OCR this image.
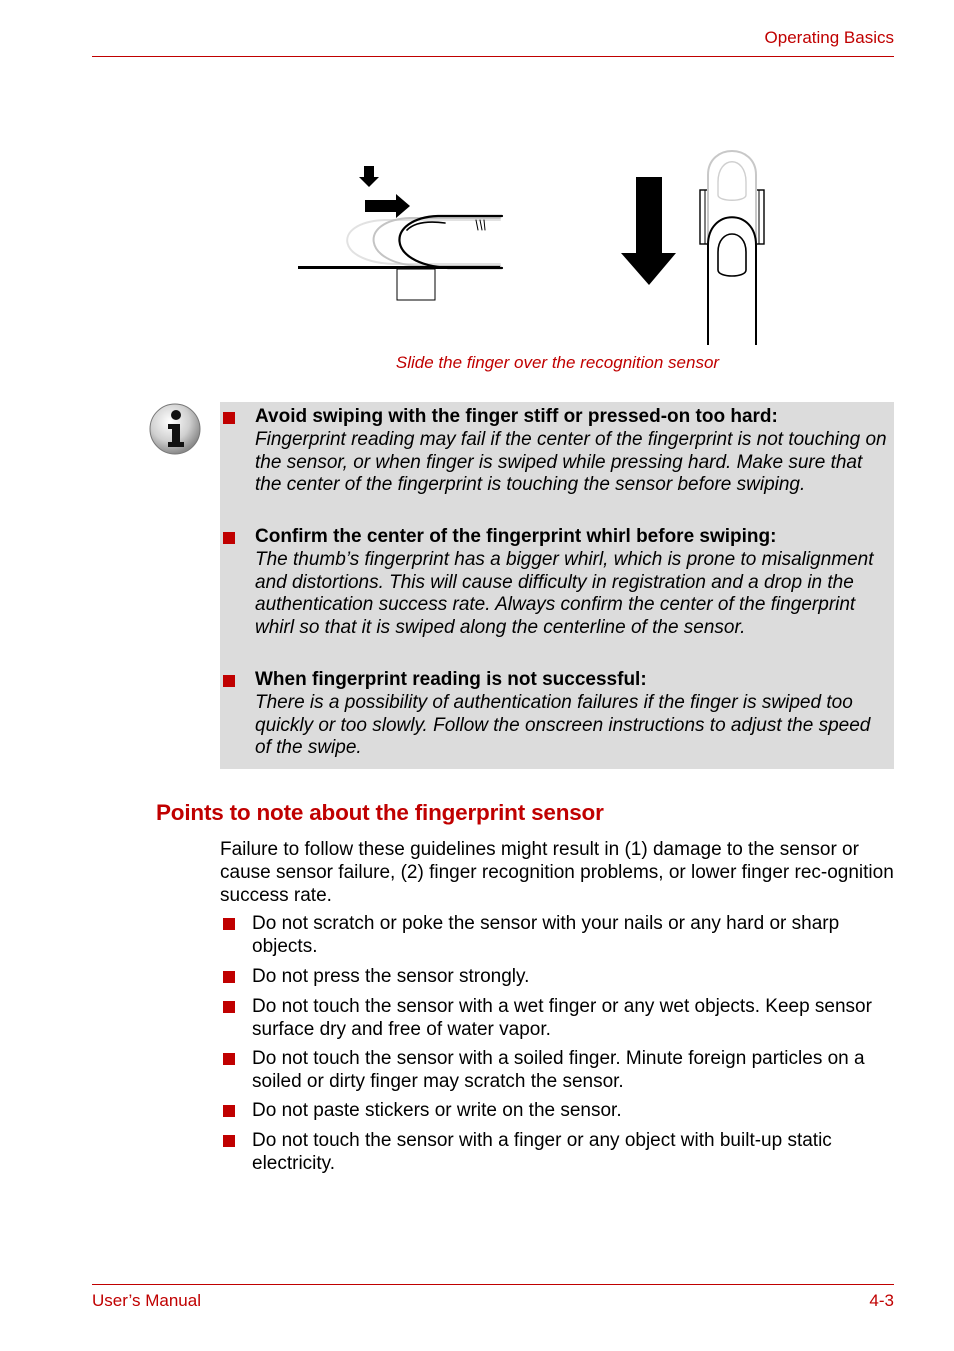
Operating Basics
Slide the finger over the recognition sensor
Avoid swiping with the finger stiff or pressed-on too hard:
Fingerprint reading may fail if the center of the fingerprint is not touching on the sensor, or when finger is swiped while pressing hard. Make sure that the center of the fingerprint is touching the sensor before swiping.
Confirm the center of the fingerprint whirl before swiping:
The thumb’s fingerprint has a bigger whirl, which is prone to misalignment and distortions. This will cause difficulty in registration and a drop in the authentication success rate. Always confirm the center of the fingerprint whirl so that it is swiped along the centerline of the sensor.
When fingerprint reading is not successful:
There is a possibility of authentication failures if the finger is swiped too quickly or too slowly. Follow the onscreen instructions to adjust the speed of the swipe.
Points to note about the fingerprint sensor
Failure to follow these guidelines might result in (1) damage to the sensor or cause sensor failure, (2) finger recognition problems, or lower finger rec-ognition success rate.
Do not scratch or poke the sensor with your nails or any hard or sharp objects.
Do not press the sensor strongly.
Do not touch the sensor with a wet finger or any wet objects. Keep sensor surface dry and free of water vapor.
Do not touch the sensor with a soiled finger. Minute foreign particles on a soiled or dirty finger may scratch the sensor.
Do not paste stickers or write on the sensor.
Do not touch the sensor with a finger or any object with built-up static electricity.
User’s Manual	4-3
